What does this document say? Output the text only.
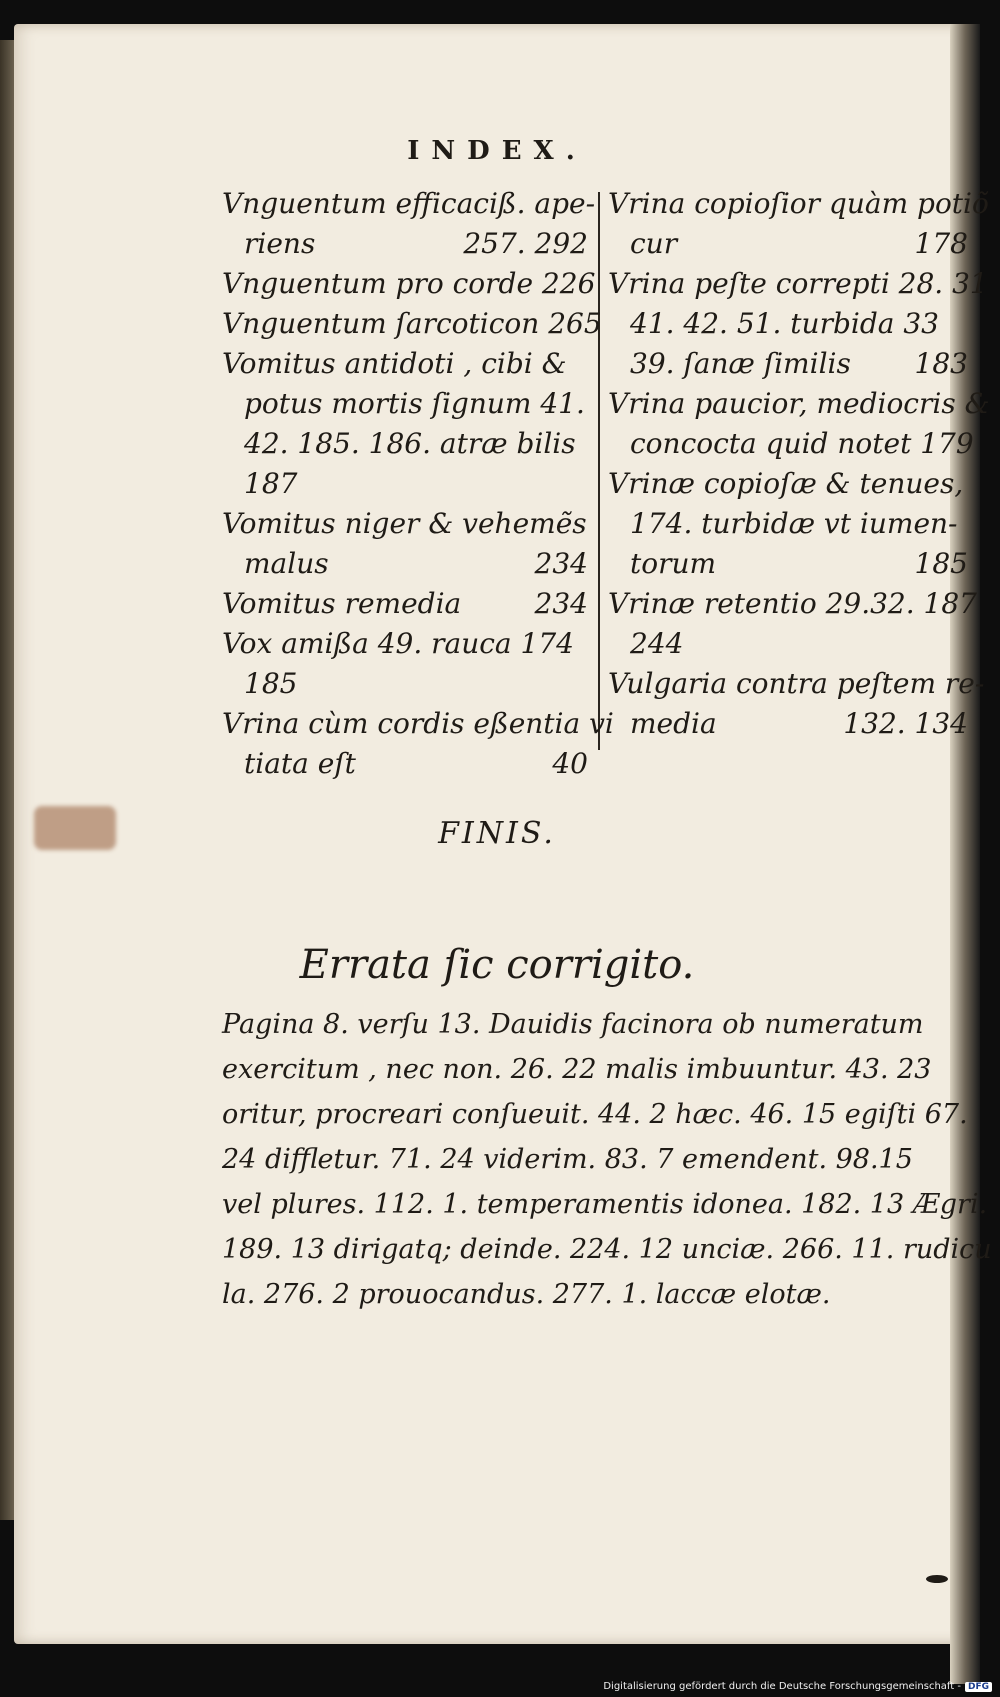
INDEX.
Vnguentum efficaciß. ape-
riens	257. 292
Vnguentum pro corde 226
Vnguentum ſarcoticon 265
Vomitus antidoti , cibi &
potus mortis ſignum 41.
42. 185. 186. atræ bilis
187
Vomitus niger & vehemẽs
malus	234
Vomitus remedia	234
Vox amißa 49. rauca 174
185
Vrina cùm cordis eßentia vi
tiata eſt	40
Vrina copioſior quàm potiõ
cur	178
Vrina peſte correpti 28. 31
41. 42. 51. turbida 33
39. ſanæ ſimilis 183
Vrina paucior, mediocris &
concocta quid notet 179
Vrinæ copioſæ & tenues,
174. turbidæ vt iumen-
torum	185
Vrinæ retentio 29.32. 187
244
Vulgaria contra peſtem re-
media	132. 134
FINIS.
Errata ſic corrigito.
Pagina 8. verſu 13. Dauidis facinora ob numeratum
exercitum , nec non. 26. 22 malis imbuuntur. 43. 23
oritur, procreari conſueuit. 44. 2 hæc. 46. 15 egiſti 67.
24 diffletur. 71. 24 viderim. 83. 7 emendent. 98.15
vel plures. 112. 1. temperamentis idonea. 182. 13 Ægri.
189. 13 dirigatq; deinde. 224. 12 unciæ. 266. 11. rudicu
la. 276. 2 prouocandus. 277. 1. laccæ elotæ.
Digitalisierung gefördert durch die Deutsche Forschungsgemeinschaft - DFG
